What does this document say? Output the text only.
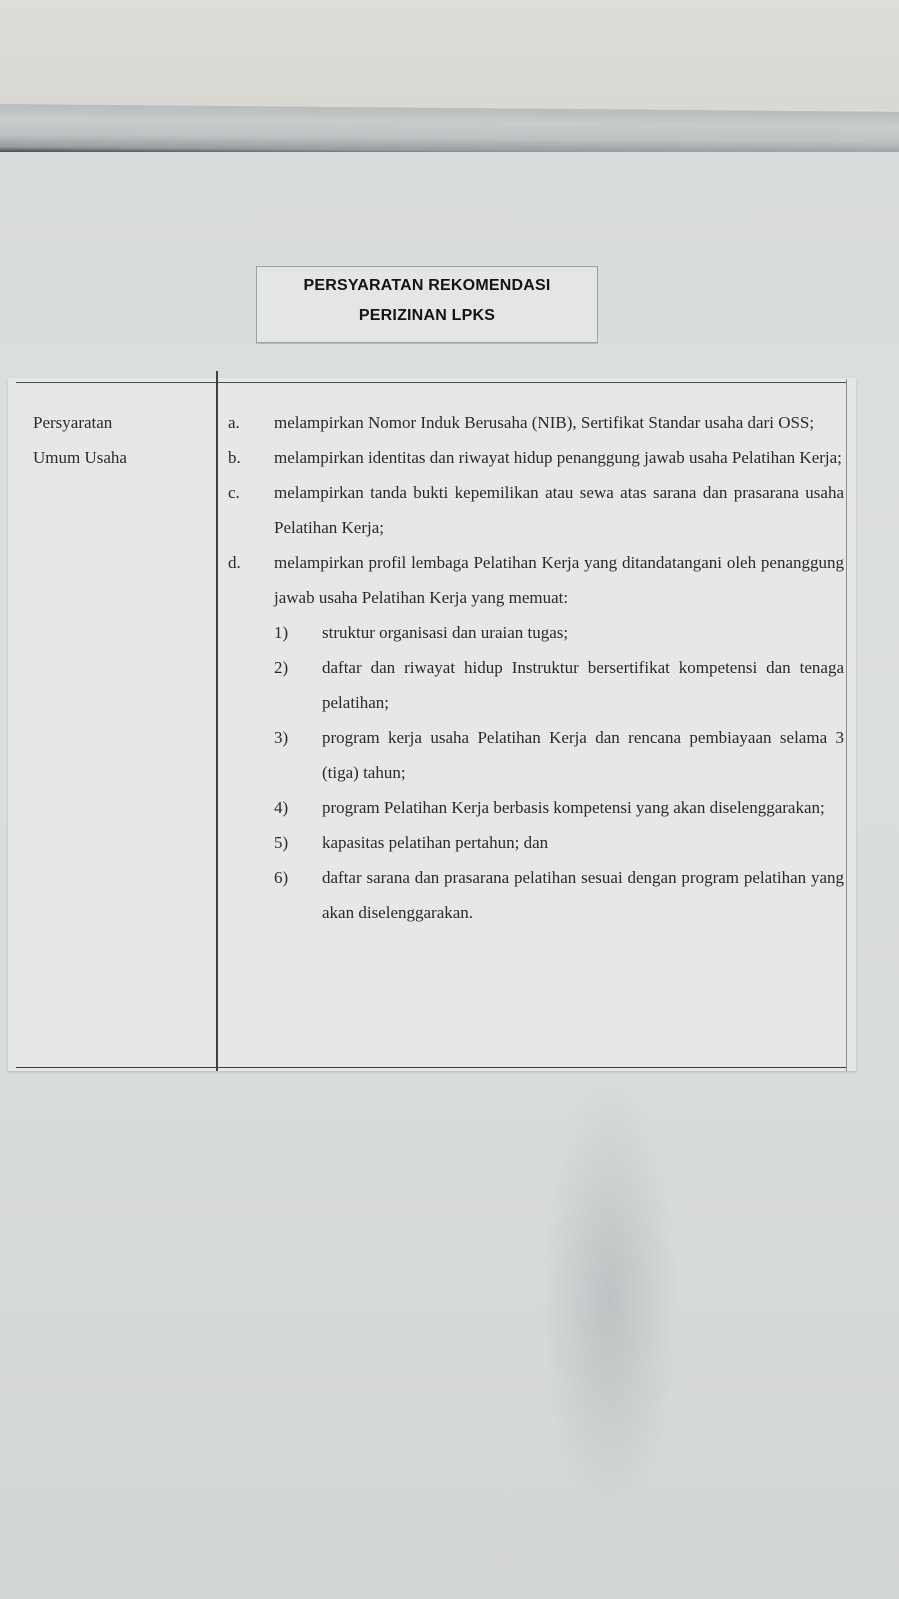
PERSYARATAN REKOMENDASI
PERIZINAN LPKS
Persyaratan
Umum Usaha
a. melampirkan Nomor Induk Berusaha (NIB), Sertifikat Standar usaha dari OSS;
b. melampirkan identitas dan riwayat hidup penanggung jawab usaha Pelatihan Kerja;
c. melampirkan tanda bukti kepemilikan atau sewa atas sarana dan prasarana usaha Pelatihan Kerja;
d. melampirkan profil lembaga Pelatihan Kerja yang ditandatangani oleh penanggung jawab usaha Pelatihan Kerja yang memuat:
1) struktur organisasi dan uraian tugas;
2) daftar dan riwayat hidup Instruktur bersertifikat kompetensi dan tenaga pelatihan;
3) program kerja usaha Pelatihan Kerja dan rencana pembiayaan selama 3 (tiga) tahun;
4) program Pelatihan Kerja berbasis kompetensi yang akan diselenggarakan;
5) kapasitas pelatihan pertahun; dan
6) daftar sarana dan prasarana pelatihan sesuai dengan program pelatihan yang akan diselenggarakan.
